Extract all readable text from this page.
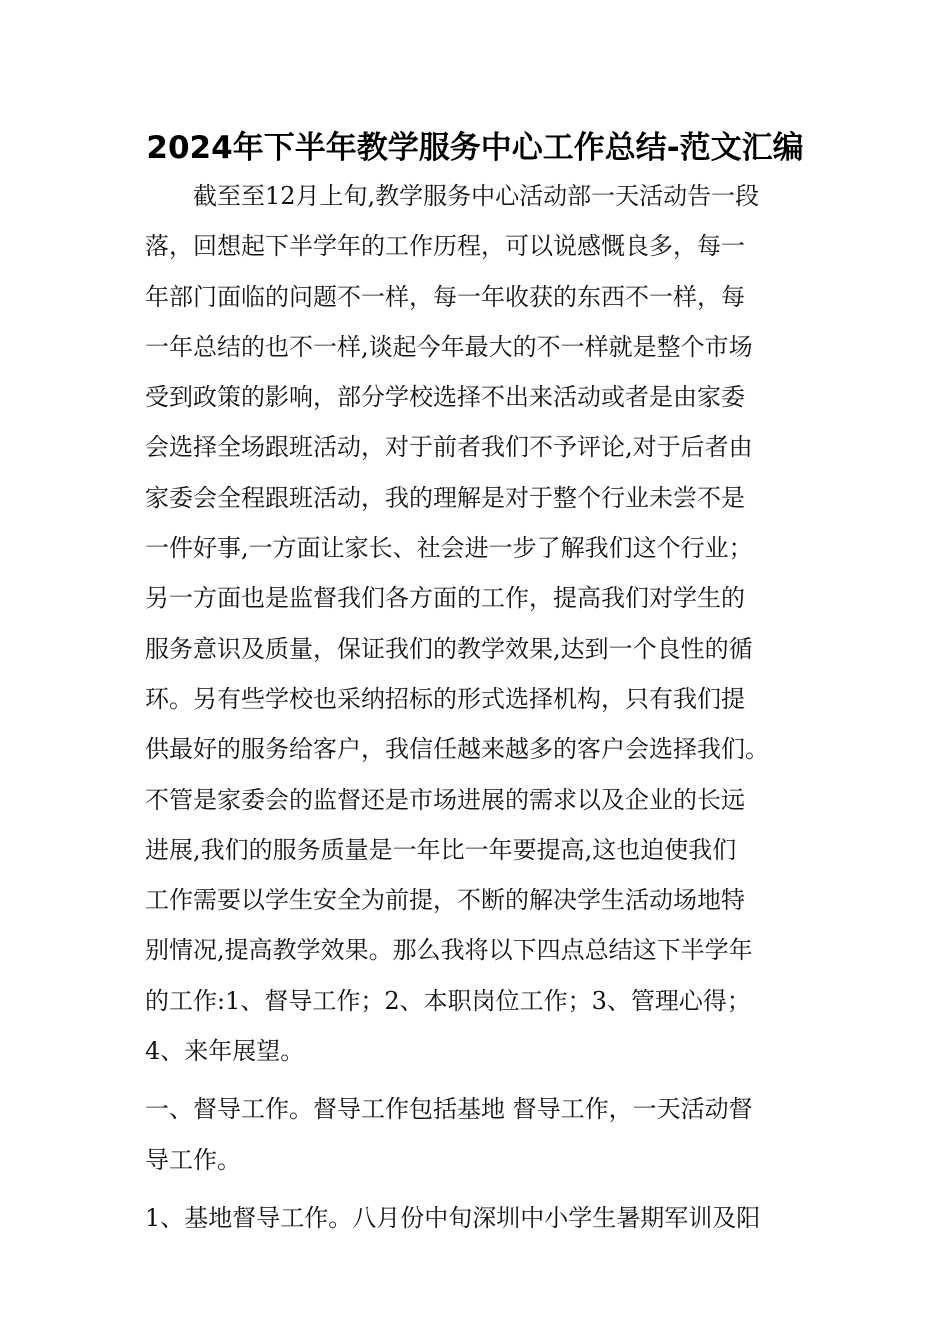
2024年下半年教学服务中心工作总结-范文汇编
截至至12月上旬,教学服务中心活动部一天活动告一段
落，回想起下半学年的工作历程，可以说感慨良多，每一
年部门面临的问题不一样，每一年收获的东西不一样，每
一年总结的也不一样,谈起今年最大的不一样就是整个市场
受到政策的影响，部分学校选择不出来活动或者是由家委
会选择全场跟班活动，对于前者我们不予评论,对于后者由
家委会全程跟班活动，我的理解是对于整个行业未尝不是
一件好事,一方面让家长、社会进一步了解我们这个行业；
另一方面也是监督我们各方面的工作，提高我们对学生的
服务意识及质量，保证我们的教学效果,达到一个良性的循
环。另有些学校也采纳招标的形式选择机构，只有我们提
供最好的服务给客户，我信任越来越多的客户会选择我们。
不管是家委会的监督还是市场进展的需求以及企业的长远
进展,我们的服务质量是一年比一年要提高,这也迫使我们
工作需要以学生安全为前提，不断的解决学生活动场地特
别情况,提高教学效果。那么我将以下四点总结这下半学年
的工作:1、督导工作；2、本职岗位工作；3、管理心得；
4、来年展望。
一、督导工作。督导工作包括基地 督导工作，一天活动督
导工作。
1、基地督导工作。八月份中旬深圳中小学生暑期军训及阳
